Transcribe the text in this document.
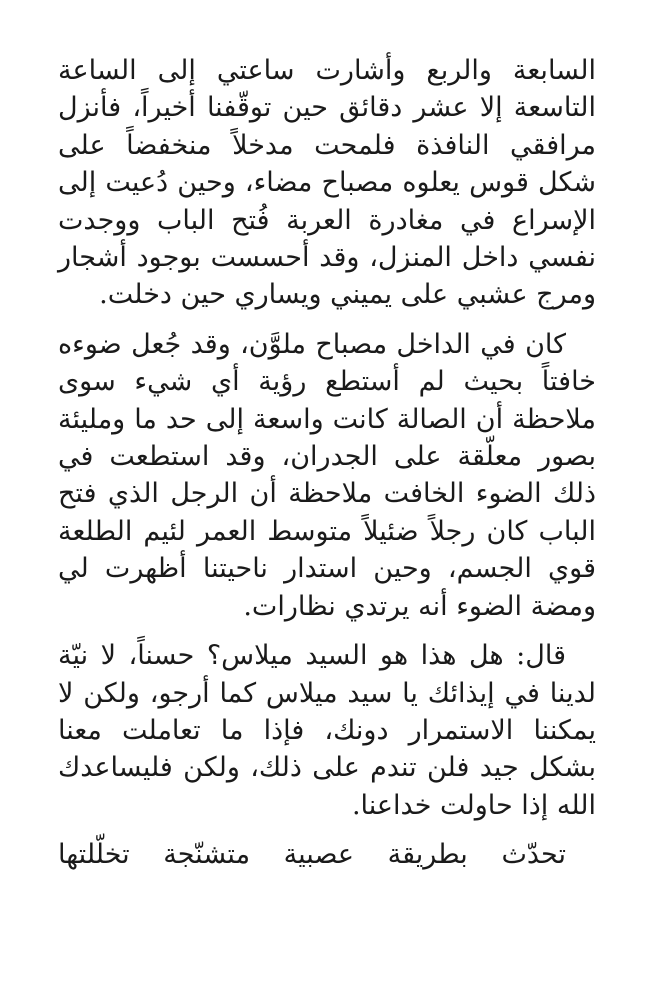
السابعة والربع وأشارت ساعتي إلى الساعة التاسعة إلا عشر دقائق حين توقّفنا أخيراً، فأنزل مرافقي النافذة فلمحت مدخلاً منخفضاً على شكل قوس يعلوه مصباح مضاء، وحين دُعيت إلى الإسراع في مغادرة العربة فُتح الباب ووجدت نفسي داخل المنزل، وقد أحسست بوجود أشجار ومرج عشبي على يميني ويساري حين دخلت.

كان في الداخل مصباح ملوَّن، وقد جُعل ضوءه خافتاً بحيث لم أستطع رؤية أي شيء سوى ملاحظة أن الصالة كانت واسعة إلى حد ما ومليئة بصور معلّقة على الجدران، وقد استطعت في ذلك الضوء الخافت ملاحظة أن الرجل الذي فتح الباب كان رجلاً ضئيلاً متوسط العمر لئيم الطلعة قوي الجسم، وحين استدار ناحيتنا أظهرت لي ومضة الضوء أنه يرتدي نظارات.

قال: هل هذا هو السيد ميلاس؟ حسناً، لا نيّة لدينا في إيذائك يا سيد ميلاس كما أرجو، ولكن لا يمكننا الاستمرار دونك، فإذا ما تعاملت معنا بشكل جيد فلن تندم على ذلك، ولكن فليساعدك الله إذا حاولت خداعنا.

تحدّث بطريقة عصبية متشنّجة تخلّلتها
